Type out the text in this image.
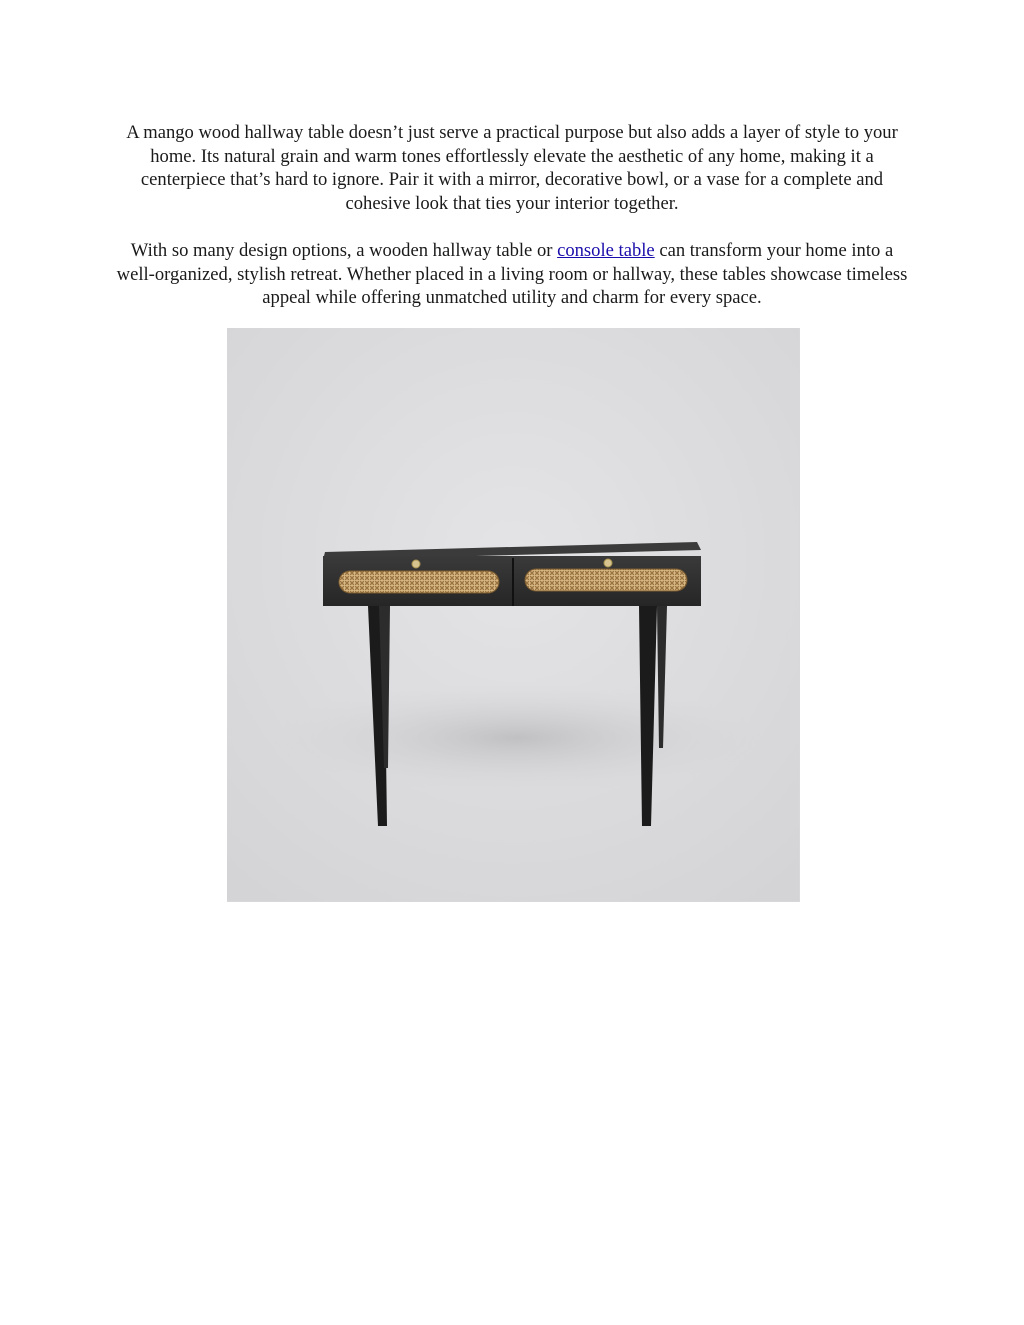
A mango wood hallway table doesn’t just serve a practical purpose but also adds a layer of style to your home. Its natural grain and warm tones effortlessly elevate the aesthetic of any home, making it a centerpiece that’s hard to ignore. Pair it with a mirror, decorative bowl, or a vase for a complete and cohesive look that ties your interior together.

With so many design options, a wooden hallway table or console table can transform your home into a well-organized, stylish retreat. Whether placed in a living room or hallway, these tables showcase timeless appeal while offering unmatched utility and charm for every space.
